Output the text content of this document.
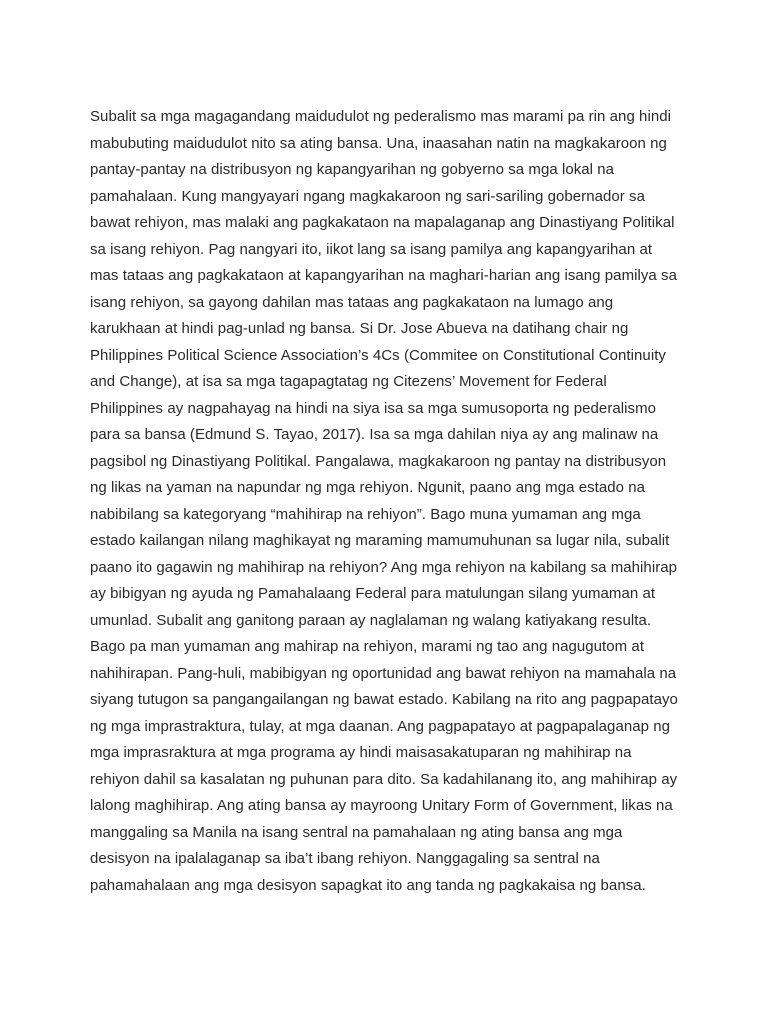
Subalit sa mga magagandang maidudulot ng pederalismo mas marami pa rin ang hindi
mabubuting maidudulot nito sa ating bansa. Una, inaasahan natin na magkakaroon ng
pantay-pantay na distribusyon ng kapangyarihan ng gobyerno sa mga lokal na
pamahalaan. Kung mangyayari ngang magkakaroon ng sari-sariling gobernador sa
bawat rehiyon, mas malaki ang pagkakataon na mapalaganap ang Dinastiyang Politikal
sa isang rehiyon. Pag nangyari ito, iikot lang sa isang pamilya ang kapangyarihan at
mas tataas ang pagkakataon at kapangyarihan na maghari-harian ang isang pamilya sa
isang rehiyon, sa gayong dahilan mas tataas ang pagkakataon na lumago ang
karukhaan at hindi pag-unlad ng bansa. Si Dr. Jose Abueva na datihang chair ng
Philippines Political Science Association’s 4Cs (Commitee on Constitutional Continuity
and Change), at isa sa mga tagapagtatag ng Citezens’ Movement for Federal
Philippines ay nagpahayag na hindi na siya isa sa mga sumusoporta ng pederalismo
para sa bansa (Edmund S. Tayao, 2017). Isa sa mga dahilan niya ay ang malinaw na
pagsibol ng Dinastiyang Politikal. Pangalawa, magkakaroon ng pantay na distribusyon
ng likas na yaman na napundar ng mga rehiyon. Ngunit, paano ang mga estado na
nabibilang sa kategoryang “mahihirap na rehiyon”. Bago muna yumaman ang mga
estado kailangan nilang maghikayat ng maraming mamumuhunan sa lugar nila, subalit
paano ito gagawin ng mahihirap na rehiyon? Ang mga rehiyon na kabilang sa mahihirap
ay bibigyan ng ayuda ng Pamahalaang Federal para matulungan silang yumaman at
umunlad. Subalit ang ganitong paraan ay naglalaman ng walang katiyakang resulta.
Bago pa man yumaman ang mahirap na rehiyon, marami ng tao ang nagugutom at
nahihirapan. Pang-huli, mabibigyan ng oportunidad ang bawat rehiyon na mamahala na
siyang tutugon sa pangangailangan ng bawat estado. Kabilang na rito ang pagpapatayo
ng mga imprastraktura, tulay, at mga daanan. Ang pagpapatayo at pagpapalaganap ng
mga imprasraktura at mga programa ay hindi maisasakatuparan ng mahihirap na
rehiyon dahil sa kasalatan ng puhunan para dito. Sa kadahilanang ito, ang mahihirap ay
lalong maghihirap. Ang ating bansa ay mayroong Unitary Form of Government, likas na
manggaling sa Manila na isang sentral na pamahalaan ng ating bansa ang mga
desisyon na ipalalaganap sa iba’t ibang rehiyon. Nanggagaling sa sentral na
pahamahalaan ang mga desisyon sapagkat ito ang tanda ng pagkakaisa ng bansa.
